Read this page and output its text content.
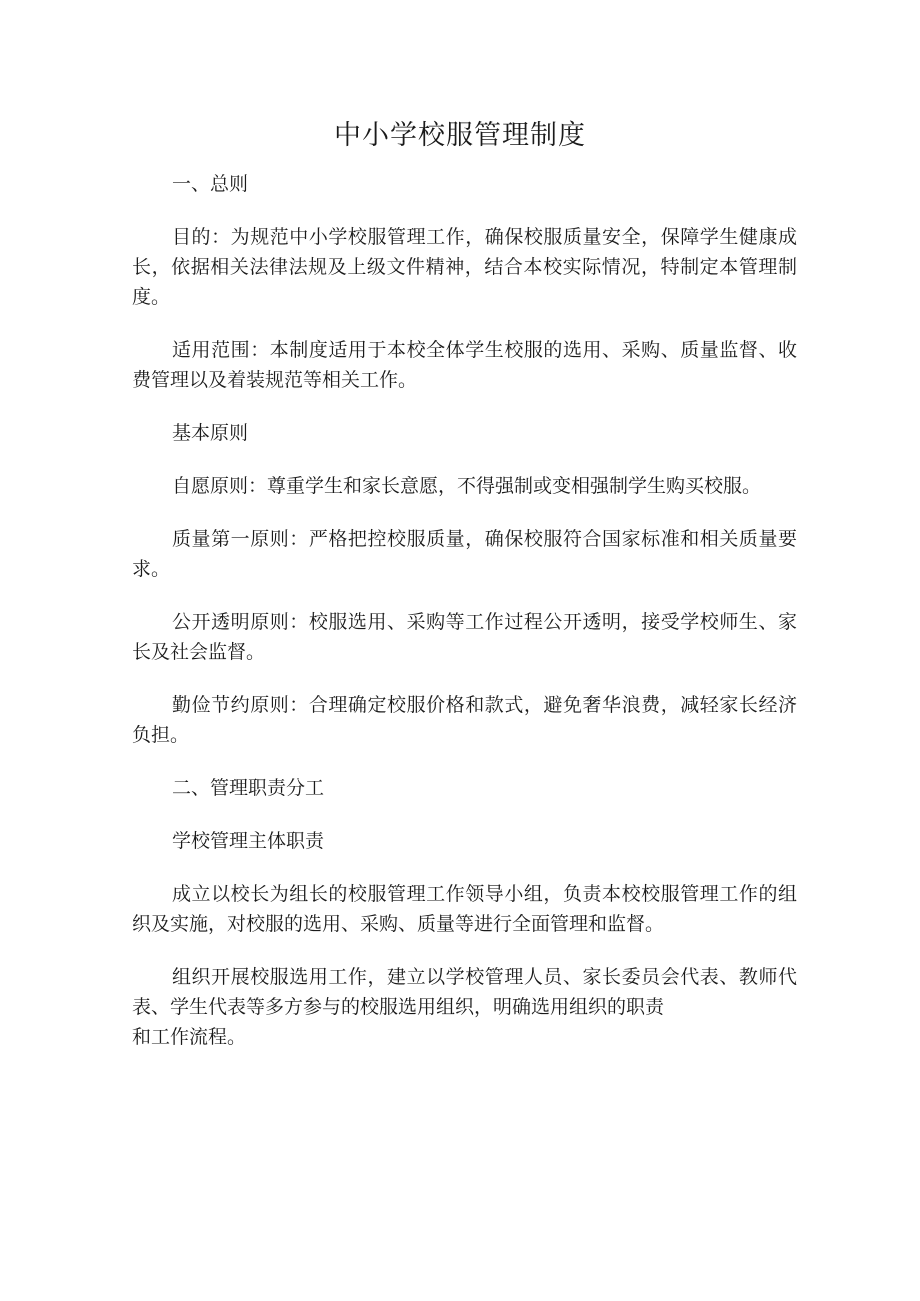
中小学校服管理制度

一、总则

目的：为规范中小学校服管理工作，确保校服质量安全，保障学生健康成长，依据相关法律法规及上级文件精神，结合本校实际情况，特制定本管理制度。

适用范围：本制度适用于本校全体学生校服的选用、采购、质量监督、收费管理以及着装规范等相关工作。

基本原则

自愿原则：尊重学生和家长意愿，不得强制或变相强制学生购买校服。

质量第一原则：严格把控校服质量，确保校服符合国家标准和相关质量要求。

公开透明原则：校服选用、采购等工作过程公开透明，接受学校师生、家长及社会监督。

勤俭节约原则：合理确定校服价格和款式，避免奢华浪费，减轻家长经济负担。

二、管理职责分工

学校管理主体职责

成立以校长为组长的校服管理工作领导小组，负责本校校服管理工作的组织及实施，对校服的选用、采购、质量等进行全面管理和监督。

组织开展校服选用工作，建立以学校管理人员、家长委员会代表、教师代表、学生代表等多方参与的校服选用组织，明确选用组织的职责

和工作流程。
